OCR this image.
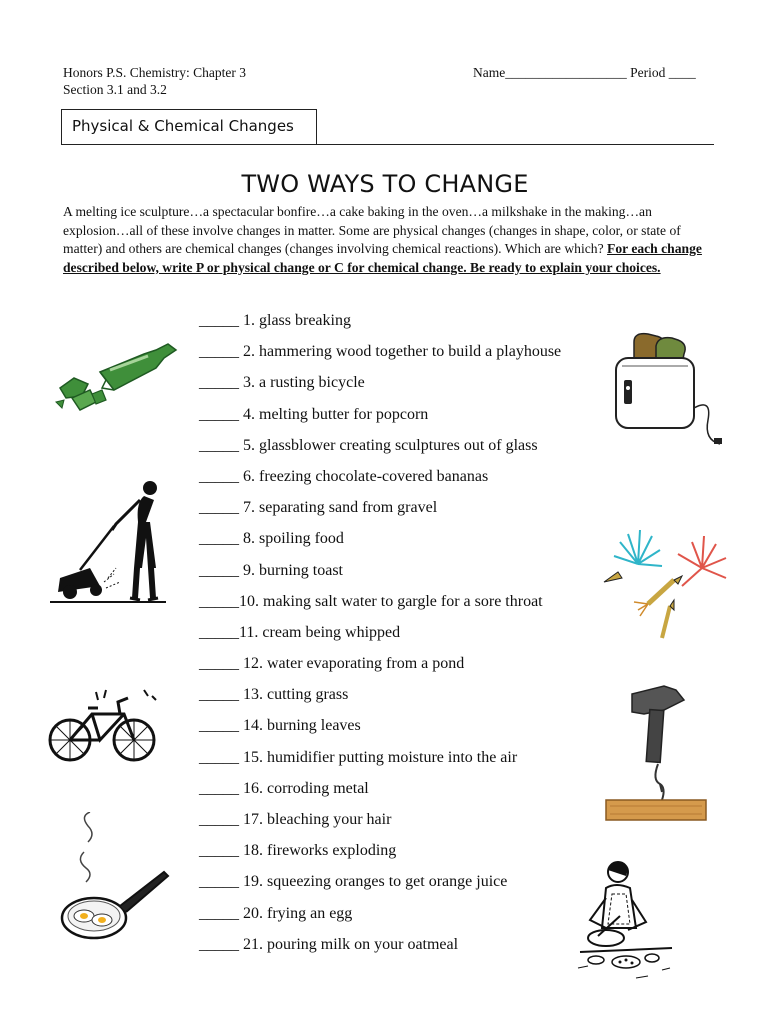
Honors P.S. Chemistry: Chapter 3
Section 3.1 and 3.2
Name__________________ Period ____
Physical & Chemical Changes
TWO WAYS TO CHANGE
A melting ice sculpture…a spectacular bonfire…a cake baking in the oven…a milkshake in the making…an explosion…all of these involve changes in matter. Some are physical changes (changes in shape, color, or state of matter) and others are chemical changes (changes involving chemical reactions). Which are which? For each change described below, write P or physical change or C for chemical change. Be ready to explain your choices.
_____ 1. glass breaking
_____ 2. hammering wood together to build a playhouse
_____ 3. a rusting bicycle
_____ 4. melting butter for popcorn
_____ 5. glassblower creating sculptures out of glass
_____ 6. freezing chocolate-covered bananas
_____ 7. separating sand from gravel
_____ 8. spoiling food
_____ 9. burning toast
_____10. making salt water to gargle for a sore throat
_____11. cream being whipped
_____ 12. water evaporating from a pond
_____ 13. cutting grass
_____ 14. burning leaves
_____ 15. humidifier putting moisture into the air
_____ 16. corroding metal
_____ 17. bleaching your hair
_____ 18. fireworks exploding
_____ 19. squeezing oranges to get orange juice
_____ 20. frying an egg
_____ 21. pouring milk on your oatmeal
